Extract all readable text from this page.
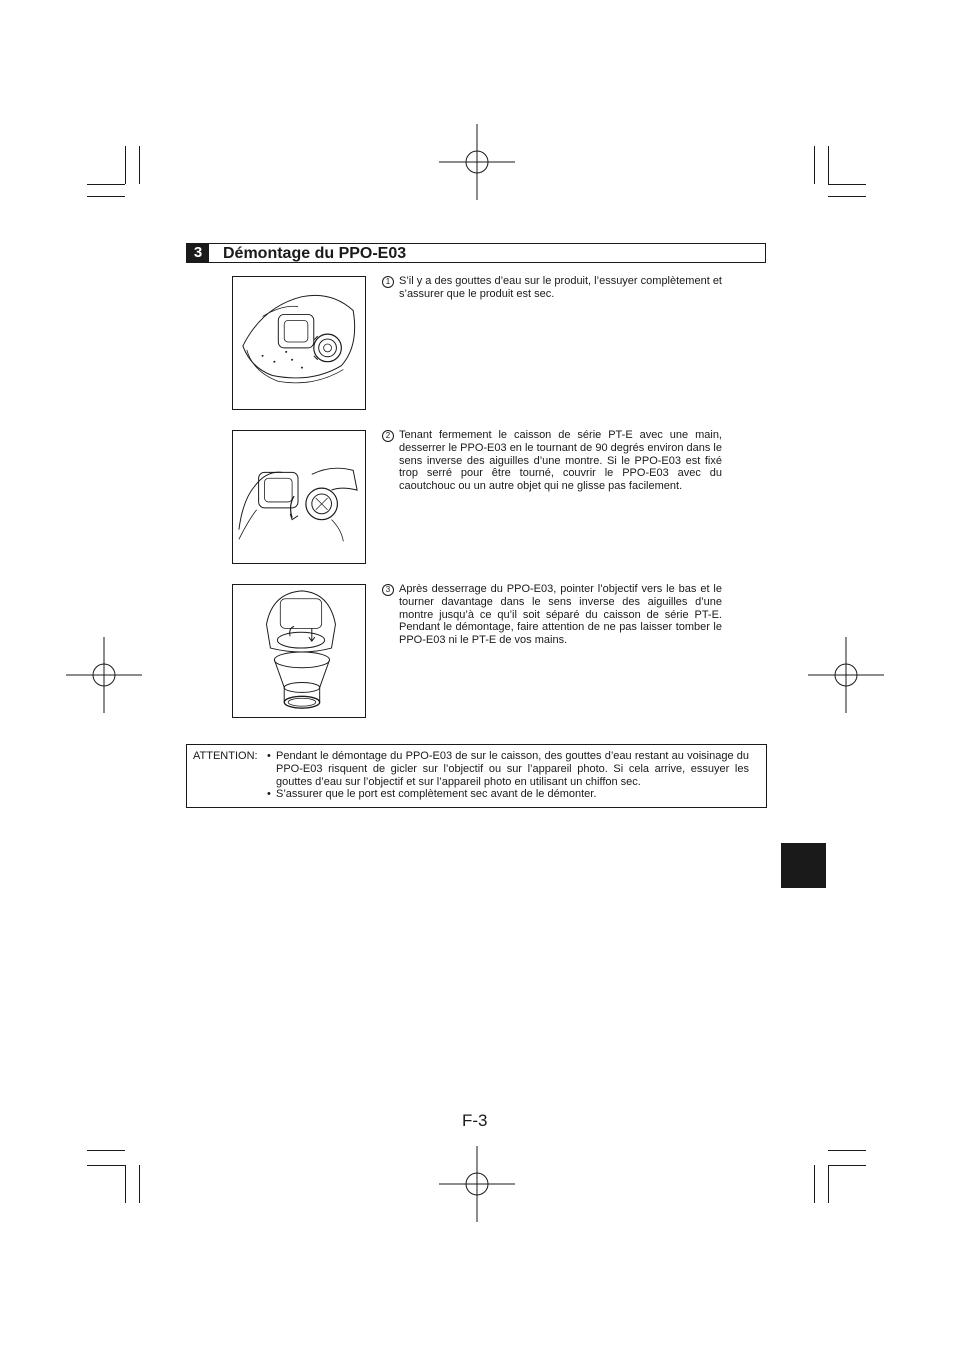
3	Démontage du PPO-E03
1 S’il y a des gouttes d’eau sur le produit, l’essuyer complètement et s’assurer que le produit est sec.
2 Tenant fermement le caisson de série PT-E avec une main, desserrer le PPO-E03 en le tournant de 90 degrés environ dans le sens inverse des aiguilles d’une montre. Si le PPO-E03 est fixé trop serré pour être tourné, couvrir le PPO-E03 avec du caoutchouc ou un autre objet qui ne glisse pas facilement.
3 Après desserrage du PPO-E03, pointer l’objectif vers le bas et le tourner davantage dans le sens inverse des aiguilles d’une montre jusqu’à ce qu’il soit séparé du caisson de série PT-E. Pendant le démontage, faire attention de ne pas laisser tomber le PPO-E03 ni le PT-E de vos mains.
ATTENTION: • Pendant le démontage du PPO-E03 de sur le caisson, des gouttes d’eau restant au voisinage du PPO-E03 risquent de gicler sur l’objectif ou sur l’appareil photo. Si cela arrive, essuyer les gouttes d’eau sur l’objectif et sur l’appareil photo en utilisant un chiffon sec.
• S’assurer que le port est complètement sec avant de le démonter.
F-3
